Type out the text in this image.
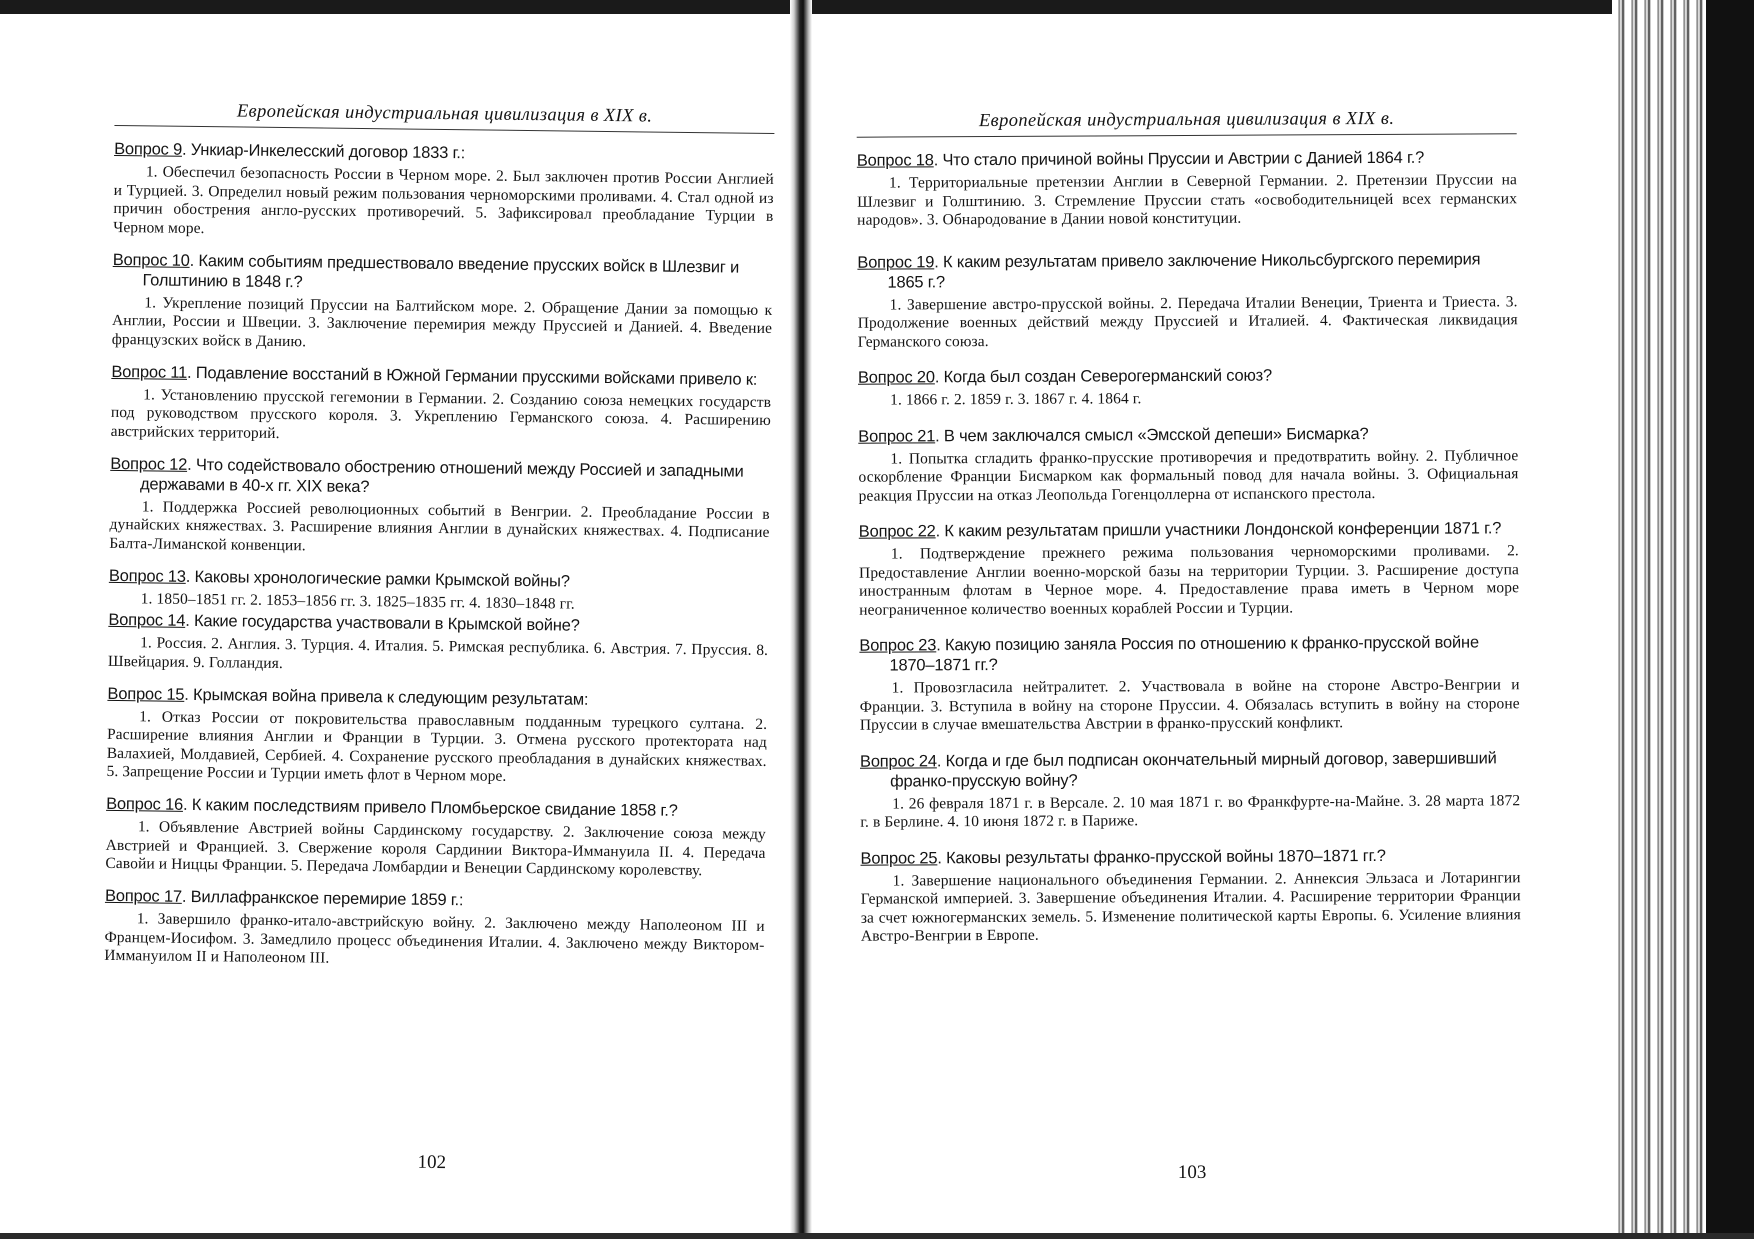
Европейская индустриальная цивилизация в XIX в.

Вопрос 9. Ункиар-Инкелесский договор 1833 г.:

1. Обеспечил безопасность России в Черном море. 2. Был заключен против России Англией и Турцией. 3. Определил новый режим пользования черноморскими проливами. 4. Стал одной из причин обострения англо-русских противоречий. 5. Зафиксировал преобладание Турции в Черном море.

Вопрос 10. Каким событиям предшествовало введение прусских войск в Шлезвиг и Голштинию в 1848 г.?

1. Укрепление позиций Пруссии на Балтийском море. 2. Обращение Дании за помощью к Англии, России и Швеции. 3. Заключение перемирия между Пруссией и Данией. 4. Введение французских войск в Данию.

Вопрос 11. Подавление восстаний в Южной Германии прусскими войсками привело к:

1. Установлению прусской гегемонии в Германии. 2. Созданию союза немецких государств под руководством прусского короля. 3. Укреплению Германского союза. 4. Расширению австрийских территорий.

Вопрос 12. Что содействовало обострению отношений между Россией и западными державами в 40-х гг. XIX века?

1. Поддержка Россией революционных событий в Венгрии. 2. Преобладание России в дунайских княжествах. 3. Расширение влияния Англии в дунайских княжествах. 4. Подписание Балта-Лиманской конвенции.

Вопрос 13. Каковы хронологические рамки Крымской войны?

1. 1850–1851 гг. 2. 1853–1856 гг. 3. 1825–1835 гг. 4. 1830–1848 гг.

Вопрос 14. Какие государства участвовали в Крымской войне?

1. Россия. 2. Англия. 3. Турция. 4. Италия. 5. Римская республика. 6. Австрия. 7. Пруссия. 8. Швейцария. 9. Голландия.

Вопрос 15. Крымская война привела к следующим результатам:

1. Отказ России от покровительства православным подданным турецкого султана. 2. Расширение влияния Англии и Франции в Турции. 3. Отмена русского протектората над Валахией, Молдавией, Сербией. 4. Сохранение русского преобладания в дунайских княжествах. 5. Запрещение России и Турции иметь флот в Черном море.

Вопрос 16. К каким последствиям привело Пломбьерское свидание 1858 г.?

1. Объявление Австрией войны Сардинскому государству. 2. Заключение союза между Австрией и Францией. 3. Свержение короля Сардинии Виктора-Иммануила II. 4. Передача Савойи и Ниццы Франции. 5. Передача Ломбардии и Венеции Сардинскому королевству.

Вопрос 17. Виллафранкское перемирие 1859 г.:

1. Завершило франко-итало-австрийскую войну. 2. Заключено между Наполеоном III и Францем-Иосифом. 3. Замедлило процесс объединения Италии. 4. Заключено между Виктором-Иммануилом II и Наполеоном III.

102
Европейская индустриальная цивилизация в XIX в.

Вопрос 18. Что стало причиной войны Пруссии и Австрии с Данией 1864 г.?

1. Территориальные претензии Англии в Северной Германии. 2. Претензии Пруссии на Шлезвиг и Голштинию. 3. Стремление Пруссии стать «освободительницей всех германских народов». 3. Обнародование в Дании новой конституции.

Вопрос 19. К каким результатам привело заключение Никольсбургского перемирия 1865 г.?

1. Завершение австро-прусской войны. 2. Передача Италии Венеции, Триента и Триеста. 3. Продолжение военных действий между Пруссией и Италией. 4. Фактическая ликвидация Германского союза.

Вопрос 20. Когда был создан Северогерманский союз?

1. 1866 г. 2. 1859 г. 3. 1867 г. 4. 1864 г.

Вопрос 21. В чем заключался смысл «Эмсской депеши» Бисмарка?

1. Попытка сгладить франко-прусские противоречия и предотвратить войну. 2. Публичное оскорбление Франции Бисмарком как формальный повод для начала войны. 3. Официальная реакция Пруссии на отказ Леопольда Гогенцоллерна от испанского престола.

Вопрос 22. К каким результатам пришли участники Лондонской конференции 1871 г.?

1. Подтверждение прежнего режима пользования черноморскими проливами. 2. Предоставление Англии военно-морской базы на территории Турции. 3. Расширение доступа иностранным флотам в Черное море. 4. Предоставление права иметь в Черном море неограниченное количество военных кораблей России и Турции.

Вопрос 23. Какую позицию заняла Россия по отношению к франко-прусской войне 1870–1871 гг.?

1. Провозгласила нейтралитет. 2. Участвовала в войне на стороне Австро-Венгрии и Франции. 3. Вступила в войну на стороне Пруссии. 4. Обязалась вступить в войну на стороне Пруссии в случае вмешательства Австрии в франко-прусский конфликт.

Вопрос 24. Когда и где был подписан окончательный мирный договор, завершивший франко-прусскую войну?

1. 26 февраля 1871 г. в Версале. 2. 10 мая 1871 г. во Франкфурте-на-Майне. 3. 28 марта 1872 г. в Берлине. 4. 10 июня 1872 г. в Париже.

Вопрос 25. Каковы результаты франко-прусской войны 1870–1871 гг.?

1. Завершение национального объединения Германии. 2. Аннексия Эльзаса и Лотарингии Германской империей. 3. Завершение объединения Италии. 4. Расширение территории Франции за счет южногерманских земель. 5. Изменение политической карты Европы. 6. Усиление влияния Австро-Венгрии в Европе.

103
